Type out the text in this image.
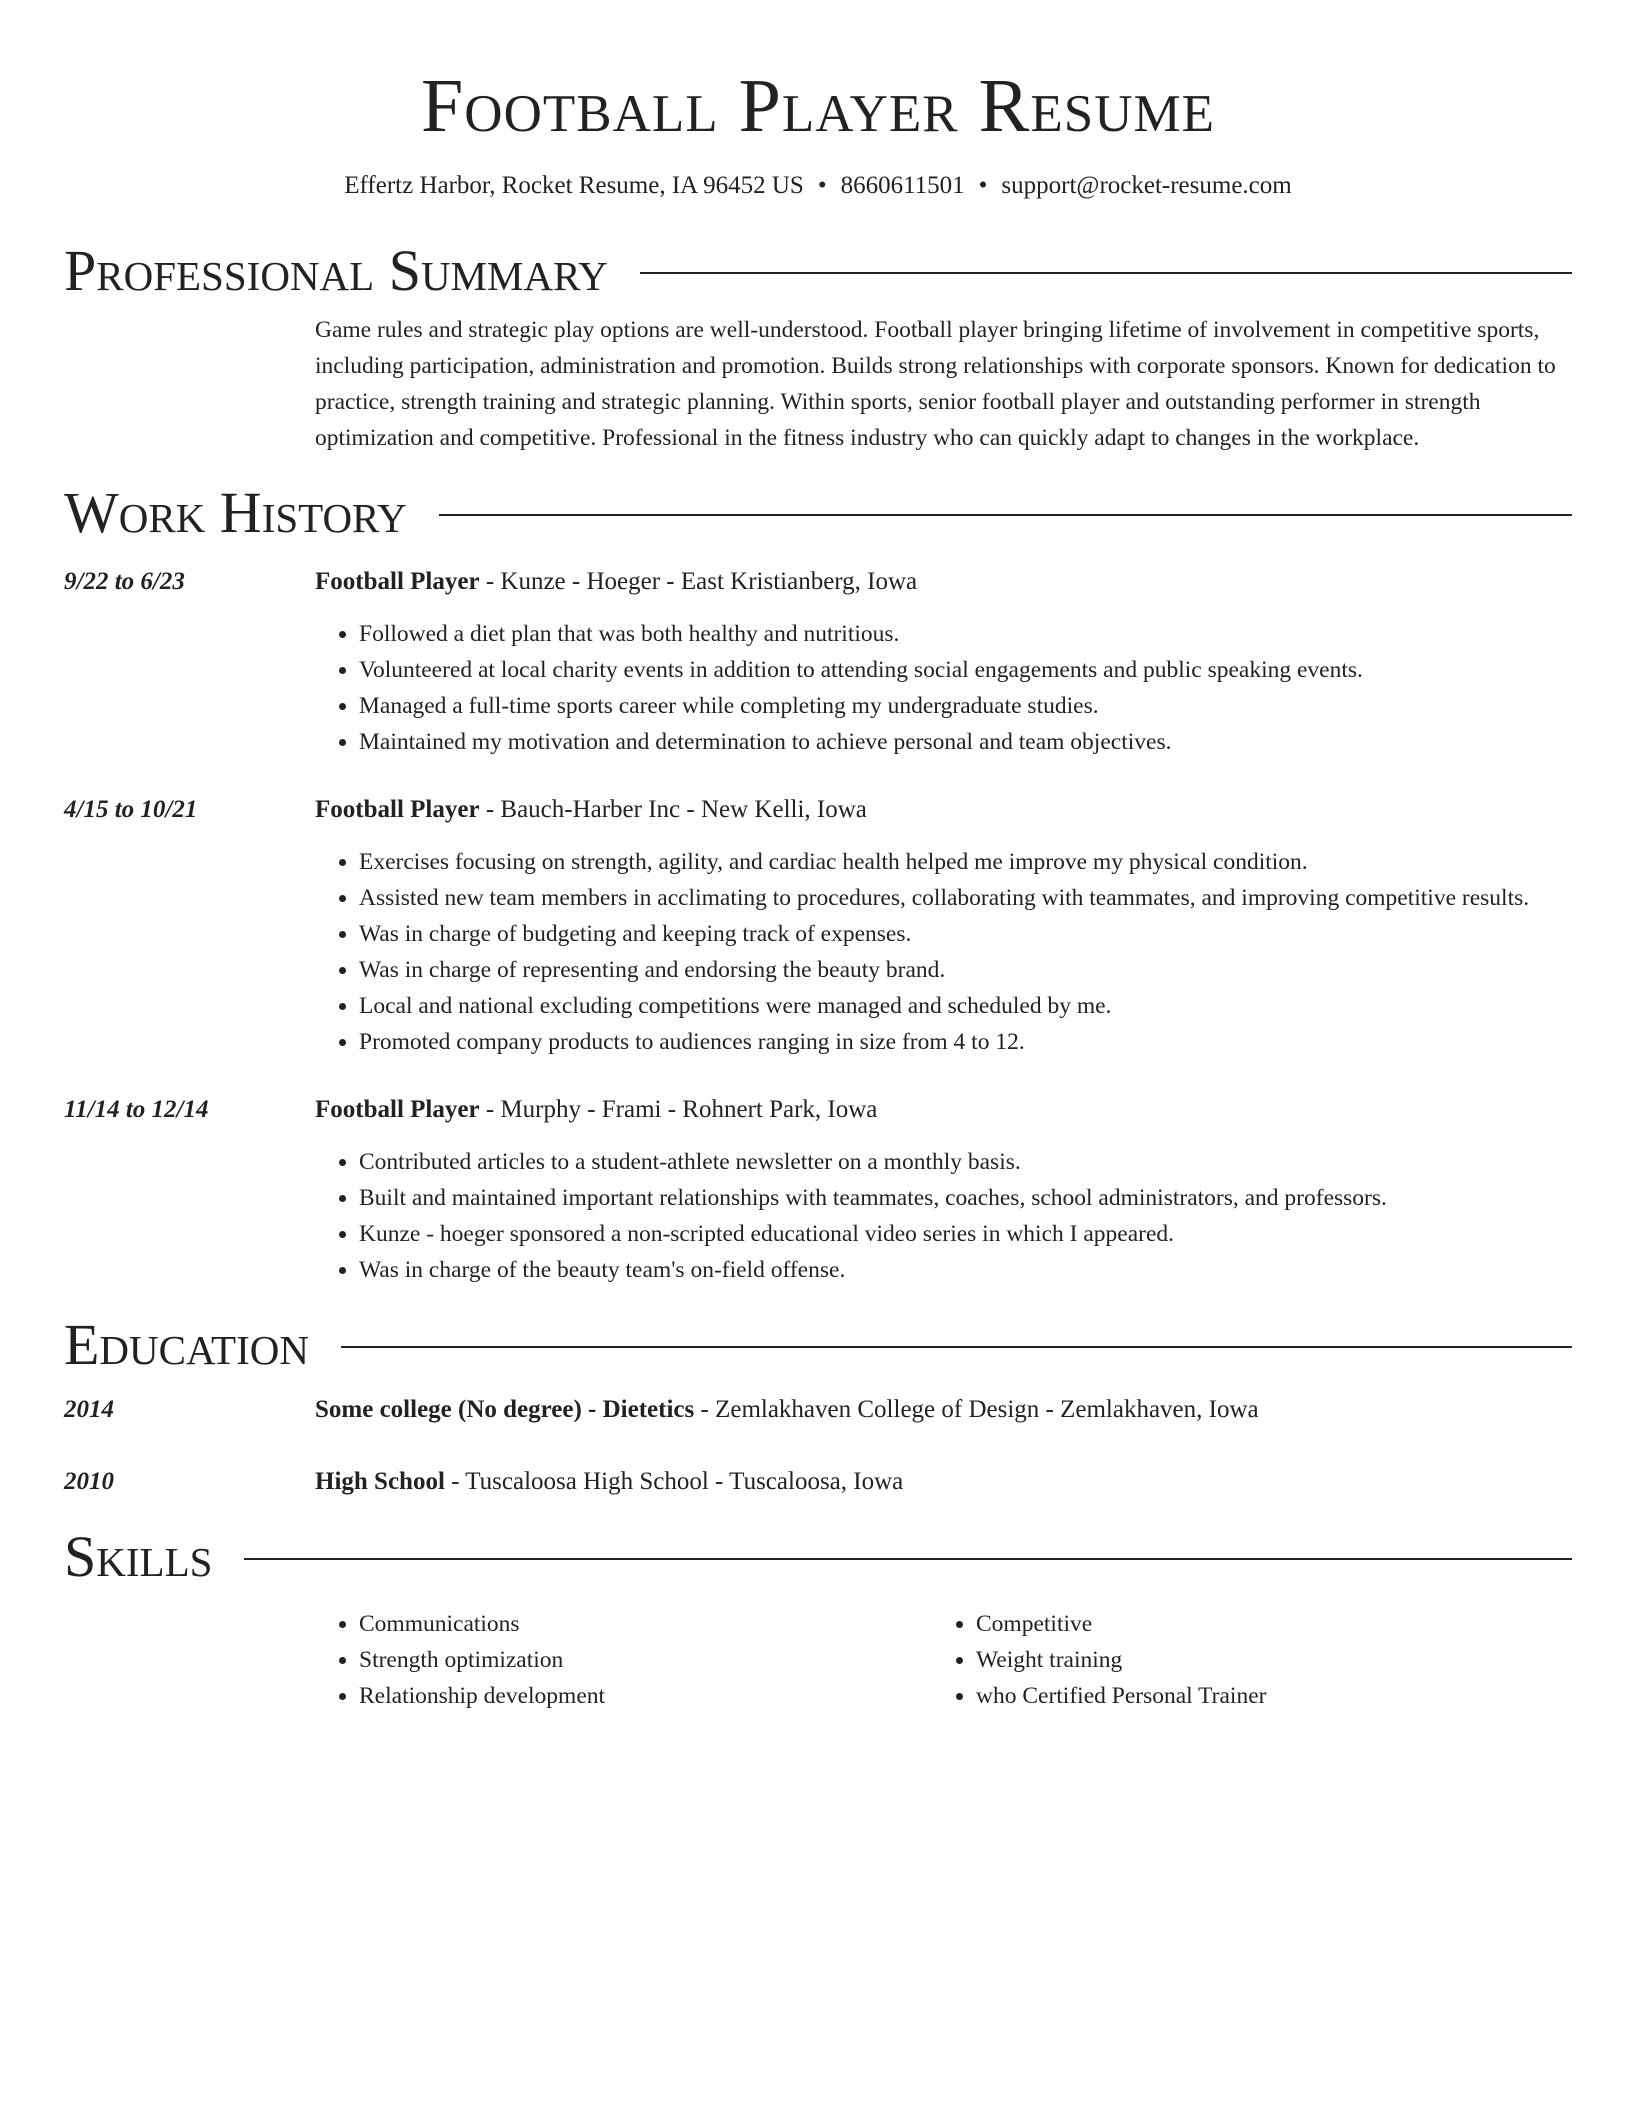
Football Player Resume
Effertz Harbor, Rocket Resume, IA 96452 US • 8660611501 • support@rocket-resume.com
Professional Summary
Game rules and strategic play options are well-understood. Football player bringing lifetime of involvement in competitive sports, including participation, administration and promotion. Builds strong relationships with corporate sponsors. Known for dedication to practice, strength training and strategic planning. Within sports, senior football player and outstanding performer in strength optimization and competitive. Professional in the fitness industry who can quickly adapt to changes in the workplace.
Work History
9/22 to 6/23	Football Player - Kunze - Hoeger - East Kristianberg, Iowa
• Followed a diet plan that was both healthy and nutritious.
• Volunteered at local charity events in addition to attending social engagements and public speaking events.
• Managed a full-time sports career while completing my undergraduate studies.
• Maintained my motivation and determination to achieve personal and team objectives.
4/15 to 10/21	Football Player - Bauch-Harber Inc - New Kelli, Iowa
• Exercises focusing on strength, agility, and cardiac health helped me improve my physical condition.
• Assisted new team members in acclimating to procedures, collaborating with teammates, and improving competitive results.
• Was in charge of budgeting and keeping track of expenses.
• Was in charge of representing and endorsing the beauty brand.
• Local and national excluding competitions were managed and scheduled by me.
• Promoted company products to audiences ranging in size from 4 to 12.
11/14 to 12/14	Football Player - Murphy - Frami - Rohnert Park, Iowa
• Contributed articles to a student-athlete newsletter on a monthly basis.
• Built and maintained important relationships with teammates, coaches, school administrators, and professors.
• Kunze - hoeger sponsored a non-scripted educational video series in which I appeared.
• Was in charge of the beauty team's on-field offense.
Education
2014	Some college (No degree) - Dietetics - Zemlakhaven College of Design - Zemlakhaven, Iowa
2010	High School - Tuscaloosa High School - Tuscaloosa, Iowa
Skills
• Communications
• Strength optimization
• Relationship development
• Competitive
• Weight training
• who Certified Personal Trainer
